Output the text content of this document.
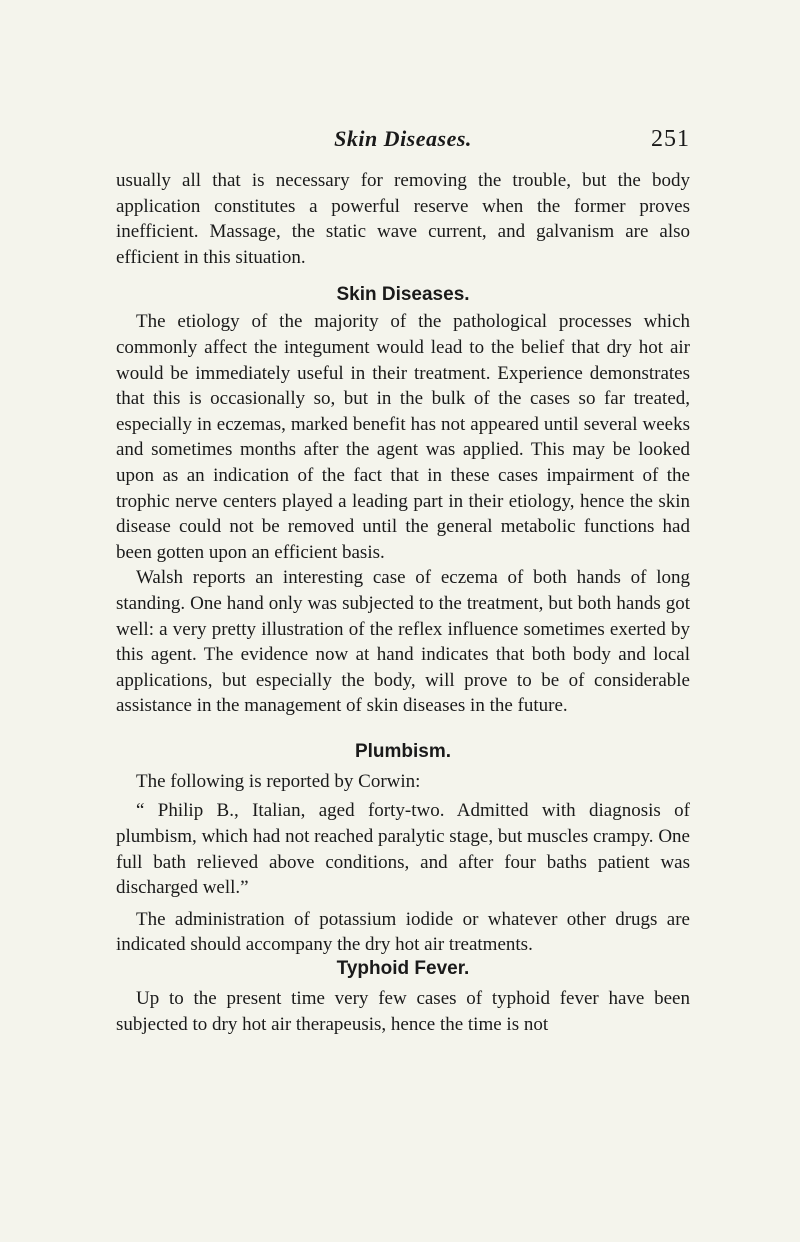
Skin Diseases.	251

usually all that is necessary for removing the trouble, but the body application constitutes a powerful reserve when the former proves inefficient. Massage, the static wave current, and galvanism are also efficient in this situation.

Skin Diseases.

The etiology of the majority of the pathological processes which commonly affect the integument would lead to the belief that dry hot air would be immediately useful in their treatment. Experience demonstrates that this is occasionally so, but in the bulk of the cases so far treated, especially in eczemas, marked benefit has not appeared until several weeks and sometimes months after the agent was applied. This may be looked upon as an indication of the fact that in these cases impairment of the trophic nerve centers played a leading part in their etiology, hence the skin disease could not be removed until the general metabolic functions had been gotten upon an efficient basis.

Walsh reports an interesting case of eczema of both hands of long standing. One hand only was subjected to the treatment, but both hands got well: a very pretty illustration of the reflex influence sometimes exerted by this agent. The evidence now at hand indicates that both body and local applications, but especially the body, will prove to be of considerable assistance in the management of skin diseases in the future.

Plumbism.

The following is reported by Corwin:

“ Philip B., Italian, aged forty-two. Admitted with diagnosis of plumbism, which had not reached paralytic stage, but muscles crampy. One full bath relieved above conditions, and after four baths patient was discharged well.”

The administration of potassium iodide or whatever other drugs are indicated should accompany the dry hot air treatments.

Typhoid Fever.

Up to the present time very few cases of typhoid fever have been subjected to dry hot air therapeusis, hence the time is not
